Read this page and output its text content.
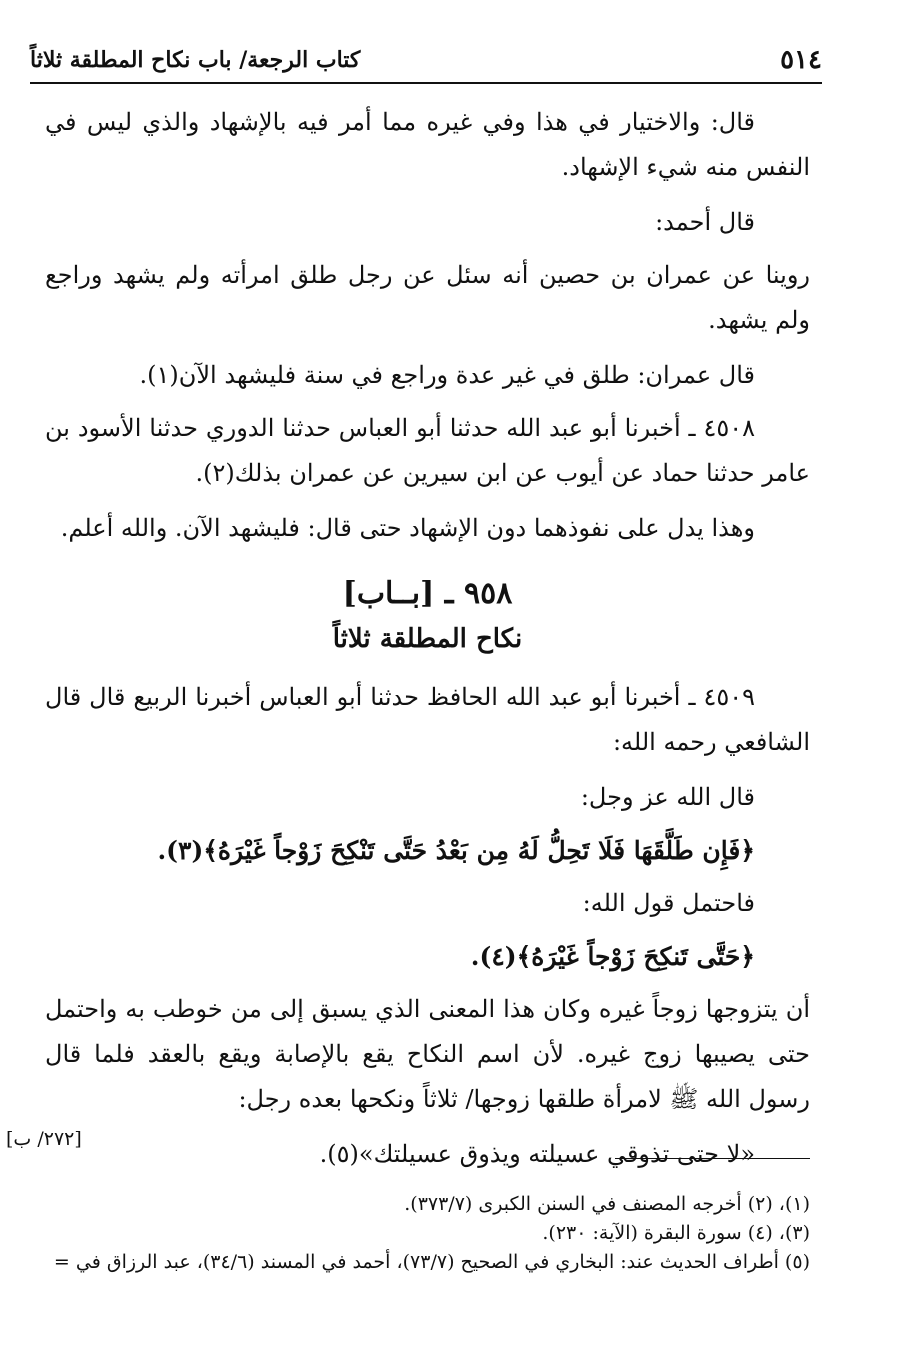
٥١٤
كتاب الرجعة/ باب نكاح المطلقة ثلاثاً

قال: والاختيار في هذا وفي غيره مما أمر فيه بالإشهاد والذي ليس في النفس منه شيء الإشهاد.

قال أحمد:

روينا عن عمران بن حصين أنه سئل عن رجل طلق امرأته ولم يشهد وراجع ولم يشهد.

قال عمران: طلق في غير عدة وراجع في سنة فليشهد الآن(١).

٤٥٠٨ ـ أخبرنا أبو عبد الله حدثنا أبو العباس حدثنا الدوري حدثنا الأسود بن عامر حدثنا حماد عن أيوب عن ابن سيرين عن عمران بذلك(٢).

وهذا يدل على نفوذهما دون الإشهاد حتى قال: فليشهد الآن. والله أعلم.

٩٥٨ ـ [بــاب]
نكاح المطلقة ثلاثاً

٤٥٠٩ ـ أخبرنا أبو عبد الله الحافظ حدثنا أبو العباس أخبرنا الربيع قال قال الشافعي رحمه الله:

قال الله عز وجل:

﴿فَإِن طَلَّقَهَا فَلَا تَحِلُّ لَهُ مِن بَعْدُ حَتَّى تَنْكِحَ زَوْجاً غَيْرَهُ﴾(٣).

فاحتمل قول الله:

﴿حَتَّى تَنكِحَ زَوْجاً غَيْرَهُ﴾(٤).

أن يتزوجها زوجاً غيره وكان هذا المعنى الذي يسبق إلى من خوطب به واحتمل حتى يصيبها زوج غيره. لأن اسم النكاح يقع بالإصابة ويقع بالعقد فلما قال رسول الله ﷺ لامرأة طلقها زوجها/ ثلاثاً ونكحها بعده رجل:

«لا حتى تذوقي عسيلته ويذوق عسيلتك»(٥).

[٢٧٢/ ب]
(١)، (٢) أخرجه المصنف في السنن الكبرى (٣٧٣/٧).
(٣)، (٤) سورة البقرة (الآية: ٢٣٠).
(٥) أطراف الحديث عند: البخاري في الصحيح (٧٣/٧)، أحمد في المسند (٣٤/٦)، عبد الرزاق في =
